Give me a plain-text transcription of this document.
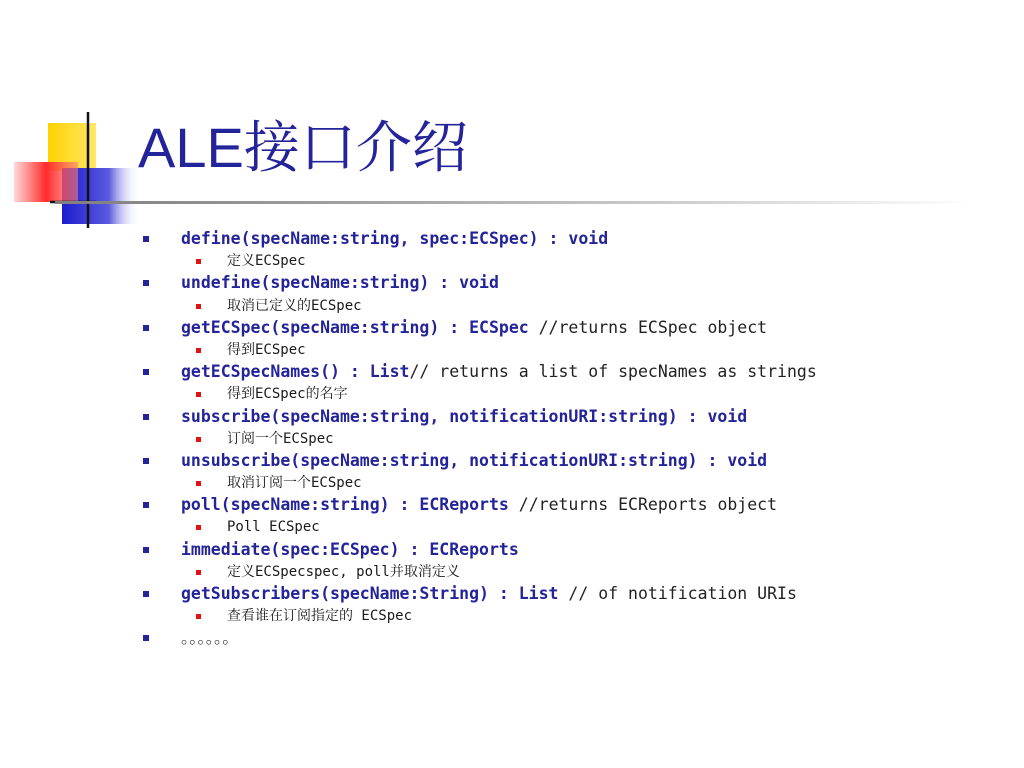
ALE接口介绍
define(specName:string, spec:ECSpec) : void
定义ECSpec
undefine(specName:string) : void
取消已定义的ECSpec
getECSpec(specName:string) : ECSpec //returns ECSpec object
得到ECSpec
getECSpecNames() : List// returns a list of specNames as strings
得到ECSpec的名字
subscribe(specName:string, notificationURI:string) : void
订阅一个ECSpec
unsubscribe(specName:string, notificationURI:string) : void
取消订阅一个ECSpec
poll(specName:string) : ECReports //returns ECReports object
Poll ECSpec
immediate(spec:ECSpec) : ECReports
定义ECSpecspec, poll并取消定义
getSubscribers(specName:String) : List // of notification URIs
查看谁在订阅指定的 ECSpec
。。。。。。
